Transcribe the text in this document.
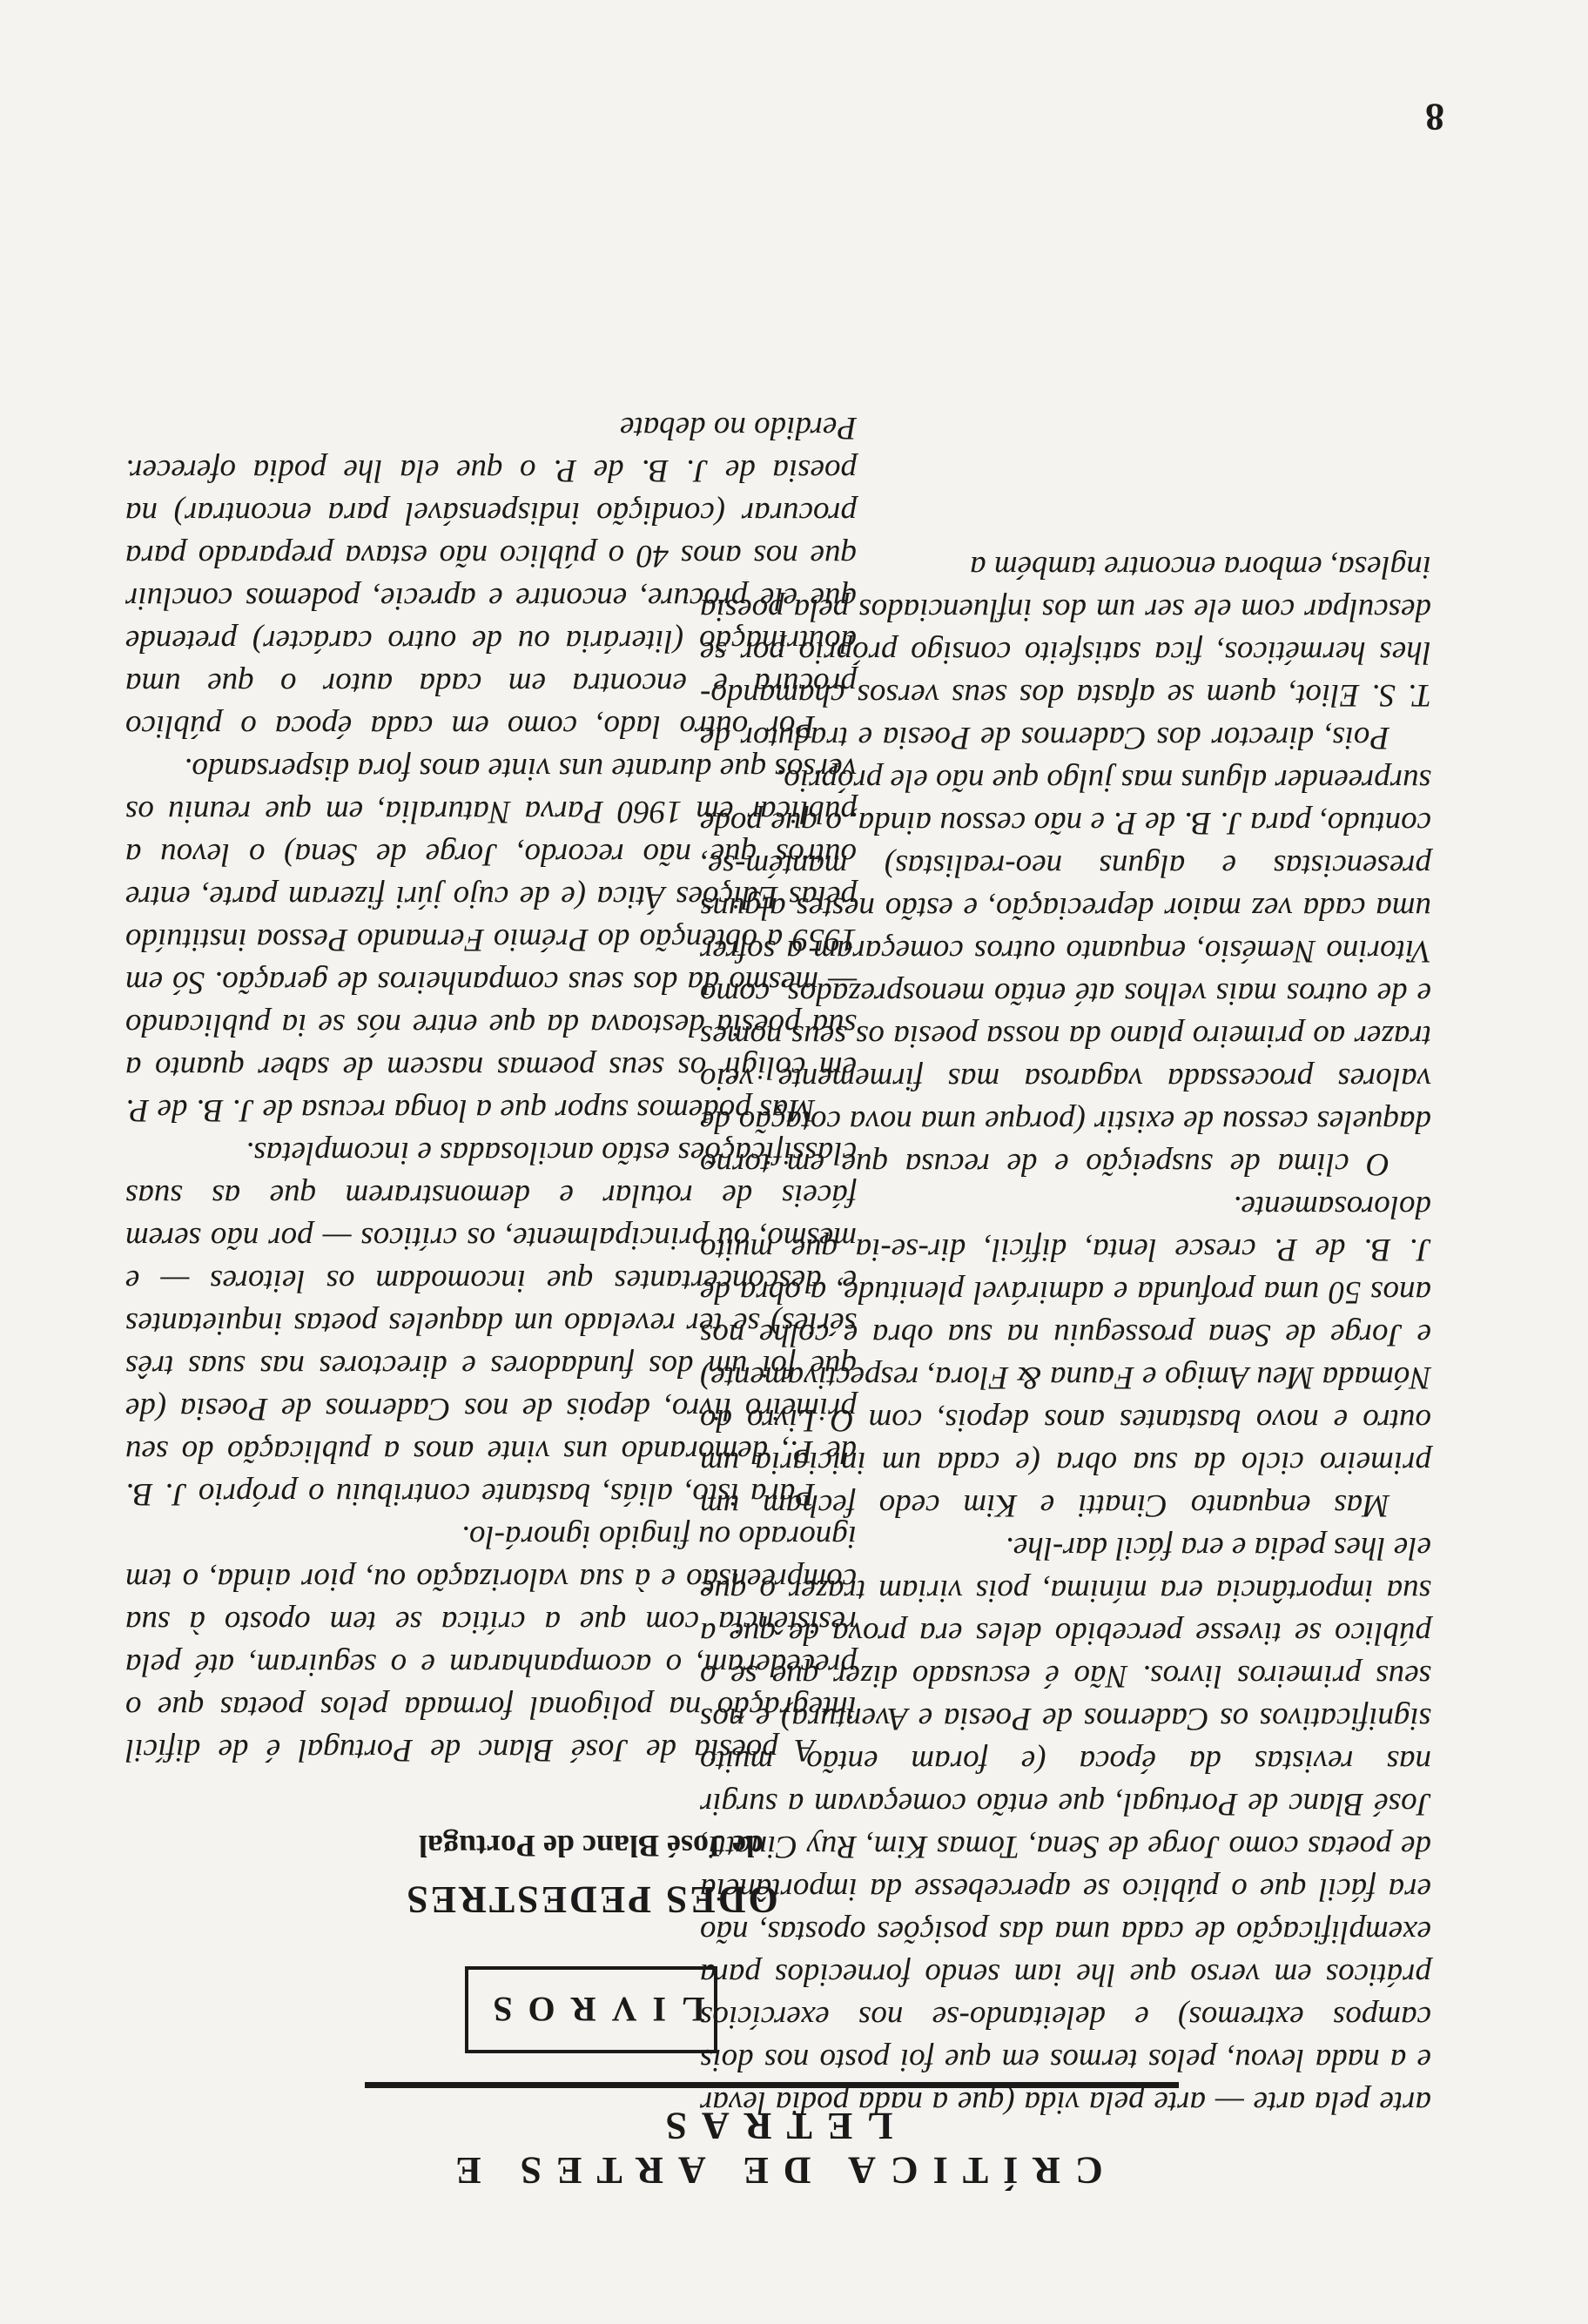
CRÍTICA DE ARTES E LETRAS
LIVROS
ODES PEDESTRES
de José Blanc de Portugal

A poesia de José Blanc de Portugal é de difícil integração na poligonal formada pelos poetas que o precederam, o acompanharam e o seguiram, até pela resistência com que a crítica se tem oposto à sua compreensão e à sua valorização ou, pior ainda, o tem ignorado ou fingido ignorá-lo.

Para isto, aliás, bastante contribuiu o próprio J. B. de P., demorando uns vinte anos a publicação do seu primeiro livro, depois de nos Cadernos de Poesia (de que foi um dos fundadores e directores nas suas três séries) se ter revelado um daqueles poetas inquietantes e desconcertantes que incomodam os leitores — e mesmo, ou principalmente, os críticos — por não serem fáceis de rotular e demonstrarem que as suas classificações estão ancilosadas e incompletas.

Mas podemos supor que a longa recusa de J. B. de P. em coligir os seus poemas nascem de saber quanto a sua poesia destoava da que entre nós se ia publicando — mesmo da dos seus companheiros de geração. Só em 1959 a obtenção do Prémio Fernando Pessoa instituído pelas Edições Ática (e de cujo júri fizeram parte, entre outros que não recordo, Jorge de Sena) o levou a publicar em 1960 Parva Naturalia, em que reuniu os versos que durante uns vinte anos fora dispersando.

Por outro lado, como em cada época o público procura e encontra em cada autor o que uma doutrinação (literária ou de outro carácter) pretende que ele procure, encontre e aprecie, podemos concluir que nos anos 40 o público não estava preparado para procurar (condição indispensável para encontrar) na poesia de J. B. de P. o que ela lhe podia oferecer. Perdido no debate

arte pela arte — arte pela vida (que a nada podia levar e a nada levou, pelos termos em que foi posto nos dois campos extremos) e deleitando-se nos exercícios práticos em verso que lhe iam sendo fornecidos para exemplificação de cada uma das posições opostas, não era fácil que o público se apercebesse da importância de poetas como Jorge de Sena, Tomas Kim, Ruy Cinatti, José Blanc de Portugal, que então começavam a surgir nas revistas da época (e foram então muito significativos os Cadernos de Poesia e Aventura) e nos seus primeiros livros. Não é escusado dizer que se o público se tivesse percebido deles era prova de que a sua importância era mínima, pois viriam trazer o que ele lhes pedia e era fácil dar-lhe.

Mas enquanto Cinatti e Kim cedo fecham um primeiro ciclo da sua obra (e cada um iniciaria um outro e novo bastantes anos depois, com O Livro do Nómada Meu Amigo e Fauna & Flora, respectivamente) e Jorge de Sena prosseguiu na sua obra e colhe nos anos 50 uma profunda e admirável plenitude, a obra de J. B. de P. cresce lenta, difícil, dir-se-ia que muito dolorosamente.

O clima de suspeição e de recusa que em torno daqueles cessou de existir (porque uma nova cotação de valores processada vagarosa mas firmemente veio trazer ao primeiro plano da nossa poesia os seus nomes e de outros mais velhos até então menosprezados, como Vitorino Nemésio, enquanto outros começaram a sofrer uma cada vez maior depreciação, e estão nestes alguns presencistas e alguns neo-realistas) mantém-se, contudo, para J. B. de P. e não cessou ainda, o que pode surpreender alguns mas julgo que não ele próprio.

Pois, director dos Cadernos de Poesia e tradutor de T. S. Eliot, quem se afasta dos seus versos chamando-lhes herméticos, fica satisfeito consigo próprio por se desculpar com ele ser um dos influenciados pela poesia inglesa, embora encontre também a

8
